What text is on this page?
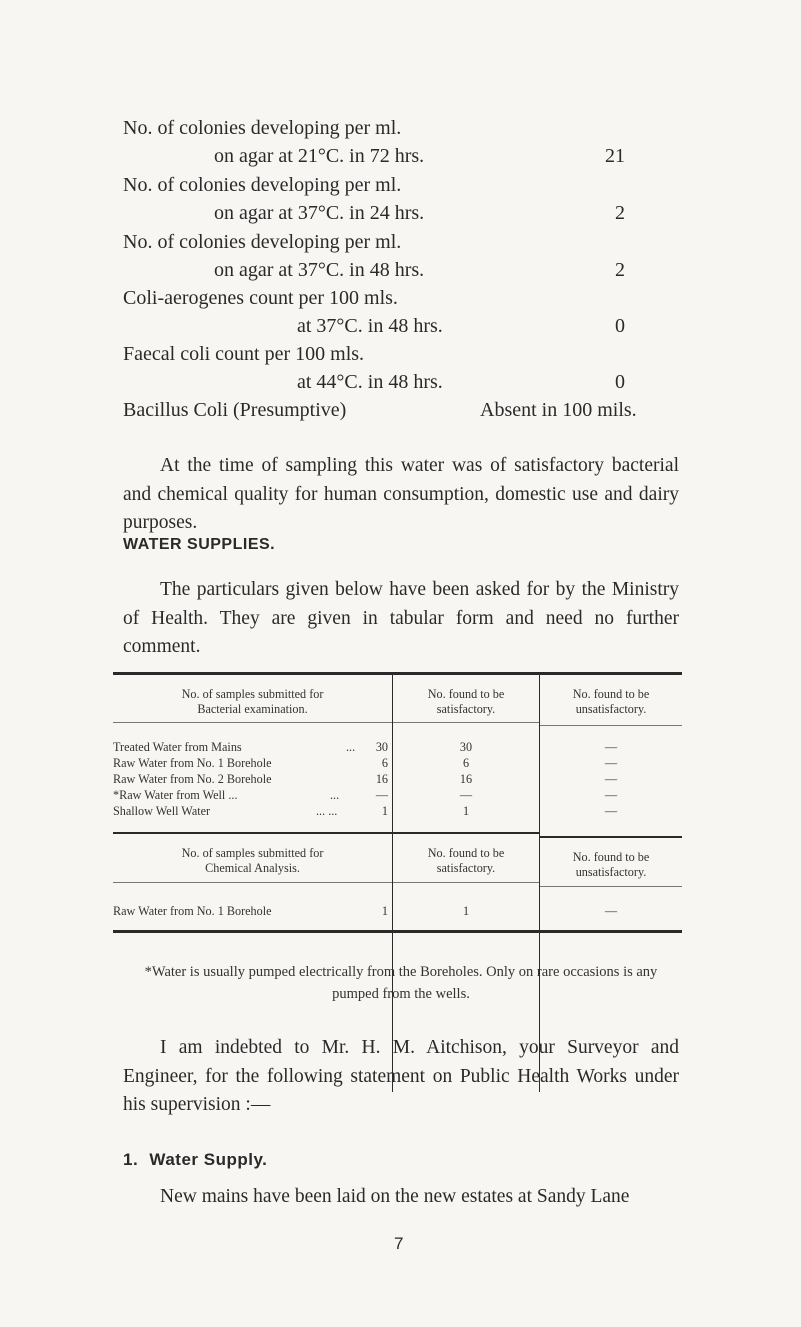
No. of colonies developing per ml.
on agar at 21°C. in 72 hrs.	21
No. of colonies developing per ml.
on agar at 37°C. in 24 hrs.	2
No. of colonies developing per ml.
on agar at 37°C. in 48 hrs.	2
Coli-aerogenes count per 100 mls.
at 37°C. in 48 hrs.	0
Faecal coli count per 100 mls.
at 44°C. in 48 hrs.	0
Bacillus Coli (Presumptive)	Absent in 100 mils.
At the time of sampling this water was of satisfactory bacterial and chemical quality for human consumption, domestic use and dairy purposes.
WATER SUPPLIES.
The particulars given below have been asked for by the Ministry of Health. They are given in tabular form and need no further comment.
No. of samples submitted for
Bacterial examination.
No. found to be
satisfactory.
No. found to be
unsatisfactory.
Treated Water from Mains	...	30	30	—
Raw Water from No. 1 Borehole	6	6	—
Raw Water from No. 2 Borehole	16	16	—
*Raw Water from Well ...	...	—	—	—
Shallow Well Water	... ...	1	1	—
No. of samples submitted for
Chemical Analysis.
No. found to be
satisfactory.
No. found to be
unsatisfactory.
Raw Water from No. 1 Borehole	1	1	—
*Water is usually pumped electrically from the Boreholes. Only on rare occasions is any pumped from the wells.
I am indebted to Mr. H. M. Aitchison, your Surveyor and Engineer, for the following statement on Public Health Works under his supervision :—
1. Water Supply.
New mains have been laid on the new estates at Sandy Lane
7
